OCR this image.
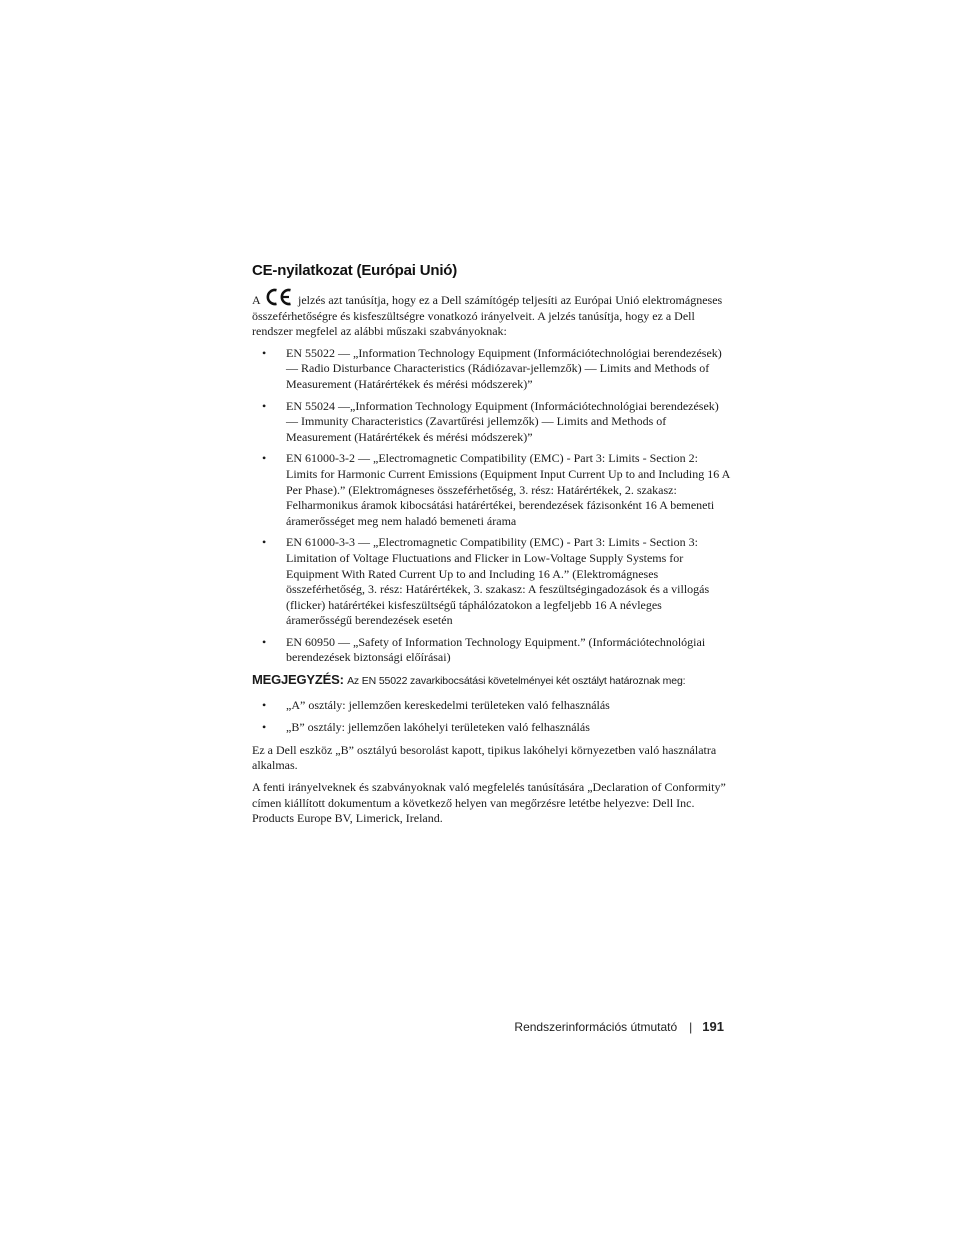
CE-nyilatkozat (Európai Unió)

A	jelzés azt tanúsítja, hogy ez a Dell számítógép teljesíti az Európai Unió elektromágneses összeférhetőségre és kisfeszültségre vonatkozó irányelveit. A jelzés tanúsítja, hogy ez a Dell rendszer megfelel az alábbi műszaki szabványoknak:

• EN 55022 — „Information Technology Equipment (Információtechnológiai berendezések) — Radio Disturbance Characteristics (Rádiózavar-jellemzők) — Limits and Methods of Measurement (Határértékek és mérési módszerek)”
• EN 55024 —„Information Technology Equipment (Információtechnológiai berendezések) — Immunity Characteristics (Zavartűrési jellemzők) — Limits and Methods of Measurement (Határértékek és mérési módszerek)”
• EN 61000-3-2 — „Electromagnetic Compatibility (EMC) - Part 3: Limits - Section 2: Limits for Harmonic Current Emissions (Equipment Input Current Up to and Including 16 A Per Phase).” (Elektromágneses összeférhetőség, 3. rész: Határértékek, 2. szakasz: Felharmonikus áramok kibocsátási határértékei, berendezések fázisonként 16 A bemeneti áramerősséget meg nem haladó bemeneti árama
• EN 61000-3-3 — „Electromagnetic Compatibility (EMC) - Part 3: Limits - Section 3: Limitation of Voltage Fluctuations and Flicker in Low-Voltage Supply Systems for Equipment With Rated Current Up to and Including 16 A.” (Elektromágneses összeférhetőség, 3. rész: Határértékek, 3. szakasz: A feszültségingadozások és a villogás (flicker) határértékei kisfeszültségű táphálózatokon a legfeljebb 16 A névleges áramerősségű berendezések esetén
• EN 60950 — „Safety of Information Technology Equipment.” (Információtechnológiai berendezések biztonsági előírásai)

MEGJEGYZÉS: Az EN 55022 zavarkibocsátási követelményei két osztályt határoznak meg:

• „A” osztály: jellemzően kereskedelmi területeken való felhasználás
• „B” osztály: jellemzően lakóhelyi területeken való felhasználás

Ez a Dell eszköz „B” osztályú besorolást kapott, tipikus lakóhelyi környezetben való használatra alkalmas.

A fenti irányelveknek és szabványoknak való megfelelés tanúsítására „Declaration of Conformity” címen kiállított dokumentum a következő helyen van megőrzésre letétbe helyezve: Dell Inc. Products Europe BV, Limerick, Ireland.

Rendszerinformációs útmutató | 191
